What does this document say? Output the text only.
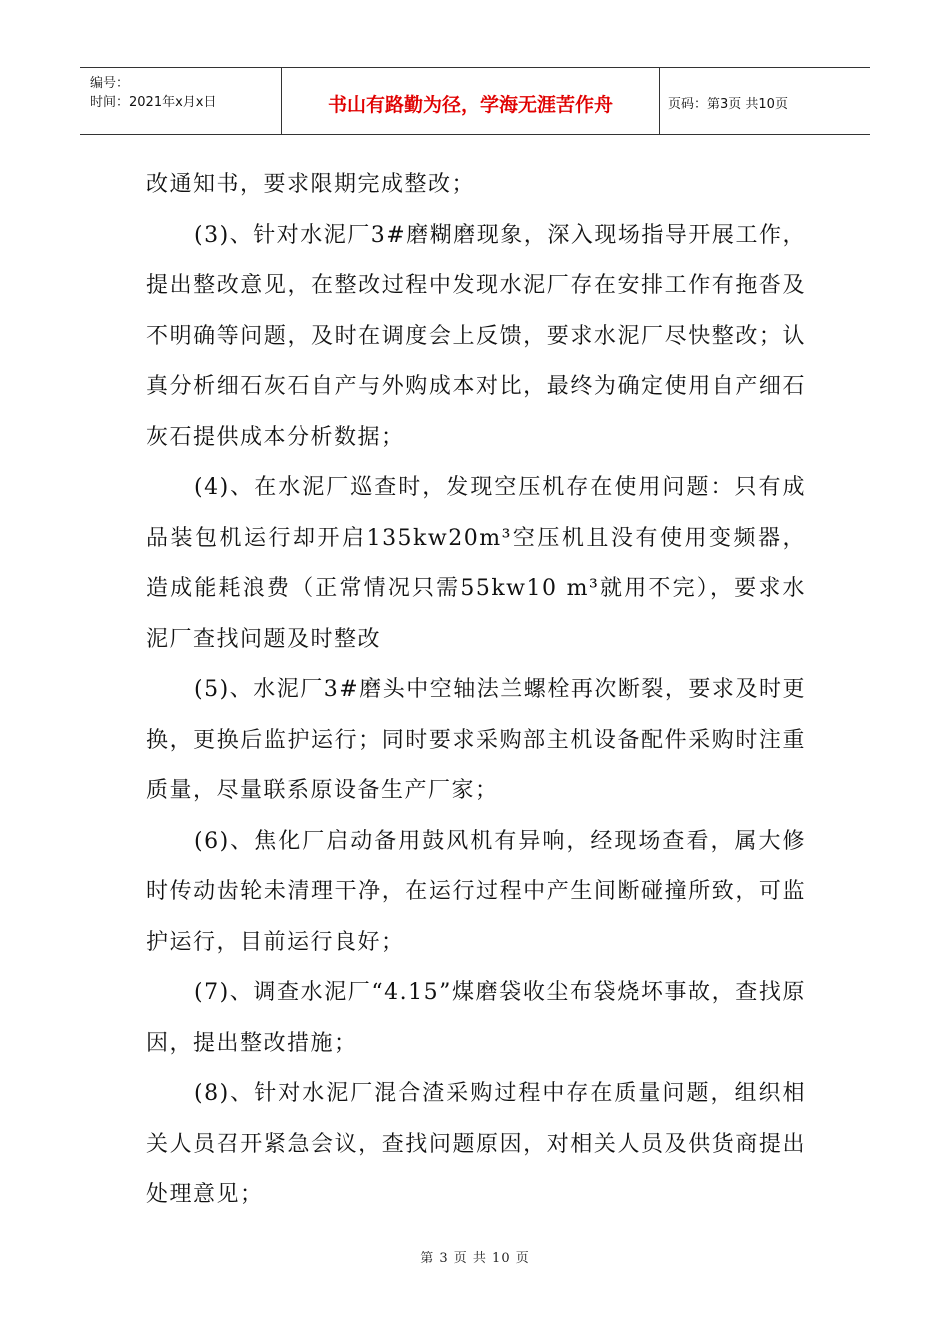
编号：
时间：2021年x月x日	书山有路勤为径，学海无涯苦作舟	页码：第3页 共10页

改通知书，要求限期完成整改；

(3)、针对水泥厂3#磨糊磨现象，深入现场指导开展工作，提出整改意见，在整改过程中发现水泥厂存在安排工作有拖沓及不明确等问题，及时在调度会上反馈，要求水泥厂尽快整改；认真分析细石灰石自产与外购成本对比，最终为确定使用自产细石灰石提供成本分析数据；

(4)、在水泥厂巡查时，发现空压机存在使用问题：只有成品装包机运行却开启135kw20m³空压机且没有使用变频器，造成能耗浪费（正常情况只需55kw10 m³就用不完），要求水泥厂查找问题及时整改

(5)、水泥厂3#磨头中空轴法兰螺栓再次断裂，要求及时更换，更换后监护运行；同时要求采购部主机设备配件采购时注重质量，尽量联系原设备生产厂家；

(6)、焦化厂启动备用鼓风机有异响，经现场查看，属大修时传动齿轮未清理干净，在运行过程中产生间断碰撞所致，可监护运行，目前运行良好；

(7)、调查水泥厂“4.15”煤磨袋收尘布袋烧坏事故，查找原因，提出整改措施；

(8)、针对水泥厂混合渣采购过程中存在质量问题，组织相关人员召开紧急会议，查找问题原因，对相关人员及供货商提出处理意见；

第 3 页 共 10 页
